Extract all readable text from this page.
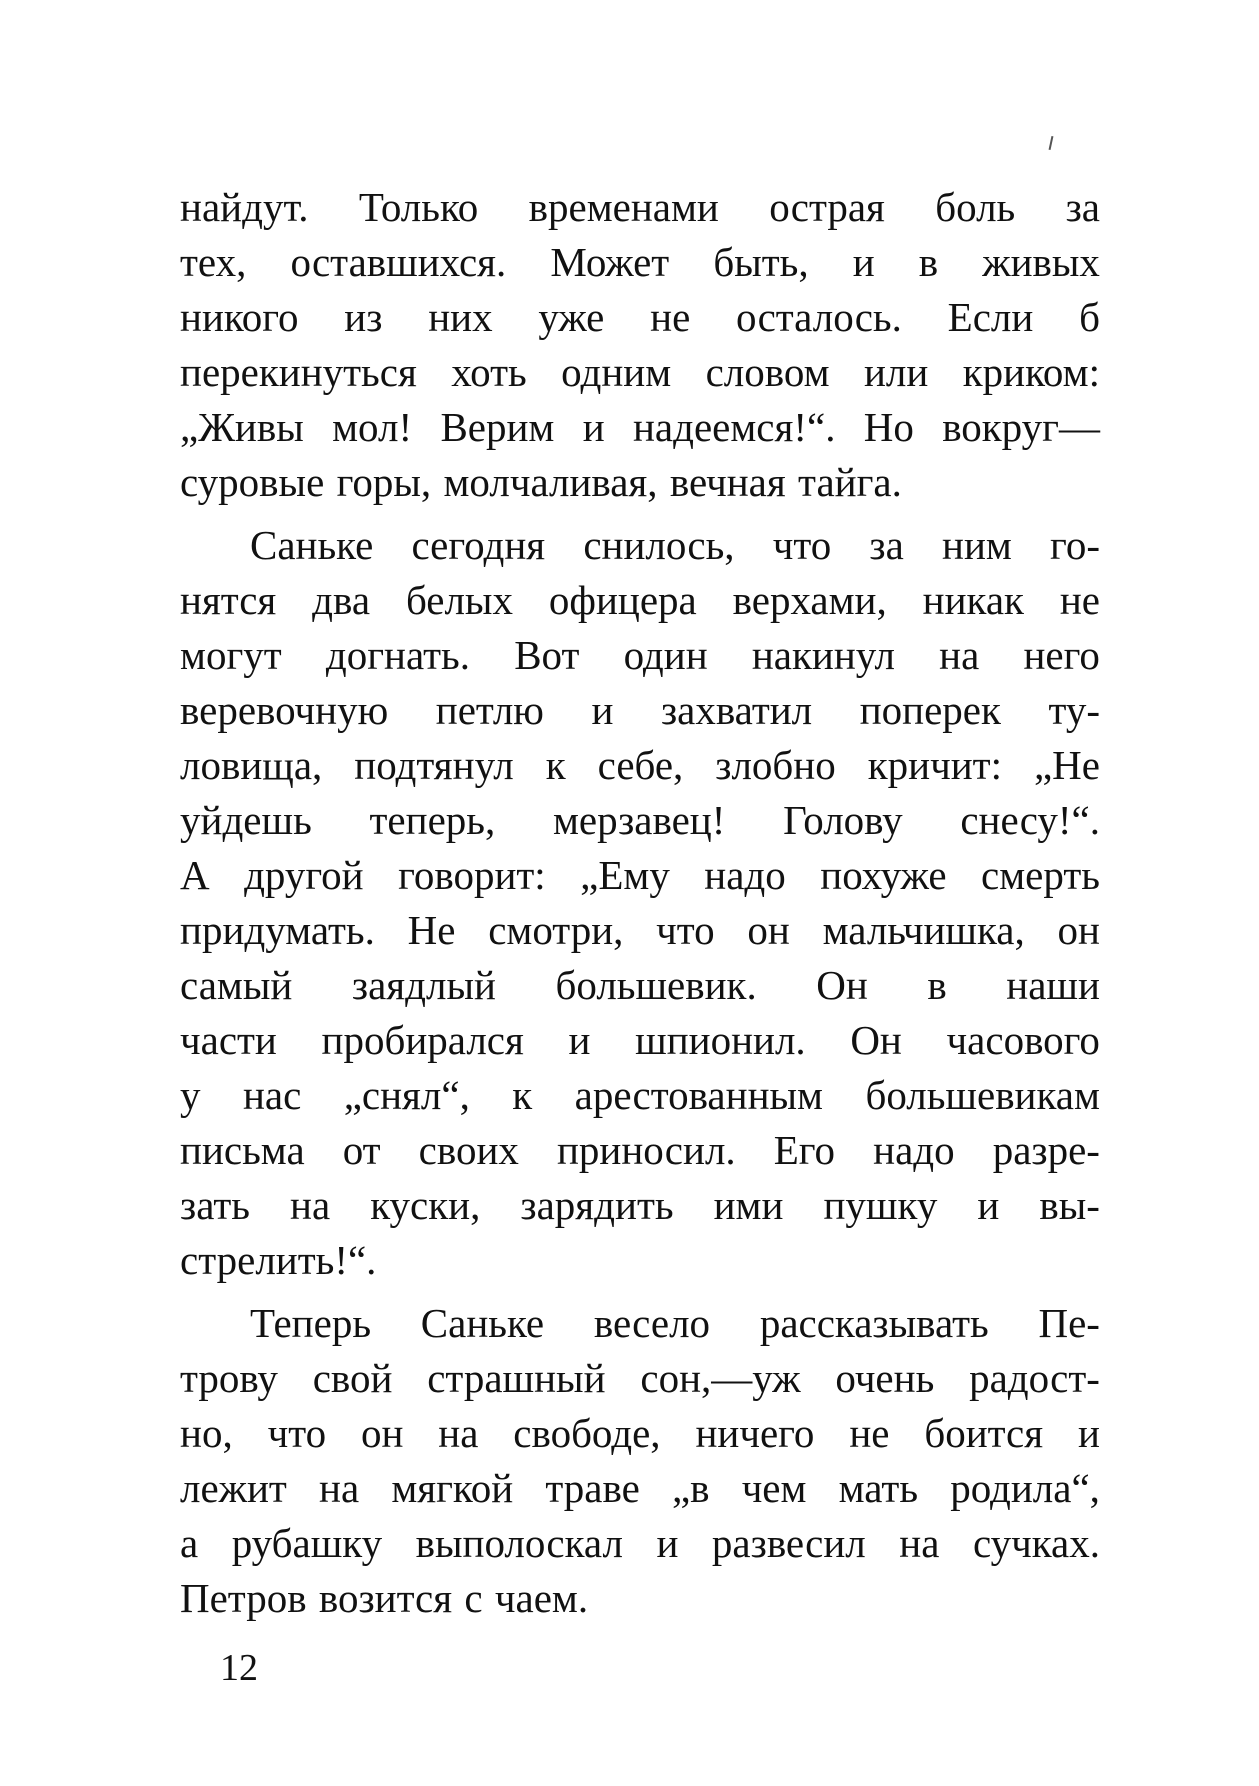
найдут. Только временами острая боль за
тех, оставшихся. Может быть, и в живых
никого из них уже не осталось. Если б
перекинуться хоть одним словом или криком:
„Живы мол! Верим и надеемся!“. Но вокруг—
суровые горы, молчаливая, вечная тайга.
Саньке сегодня снилось, что за ним го-
нятся два белых офицера верхами, никак не
могут догнать. Вот один накинул на него
веревочную петлю и захватил поперек ту-
ловища, подтянул к себе, злобно кричит: „Не
уйдешь теперь, мерзавец! Голову снесу!“.
А другой говорит: „Ему надо похуже смерть
придумать. Не смотри, что он мальчишка, он
самый заядлый большевик. Он в наши
части пробирался и шпионил. Он часового
у нас „снял“, к арестованным большевикам
письма от своих приносил. Его надо разре-
зать на куски, зарядить ими пушку и вы-
стрелить!“.
Теперь Саньке весело рассказывать Пе-
трову свой страшный сон,—уж очень радост-
но, что он на свободе, ничего не боится и
лежит на мягкой траве „в чем мать родила“,
а рубашку выполоскал и развесил на сучках.
Петров возится с чаем.
12
